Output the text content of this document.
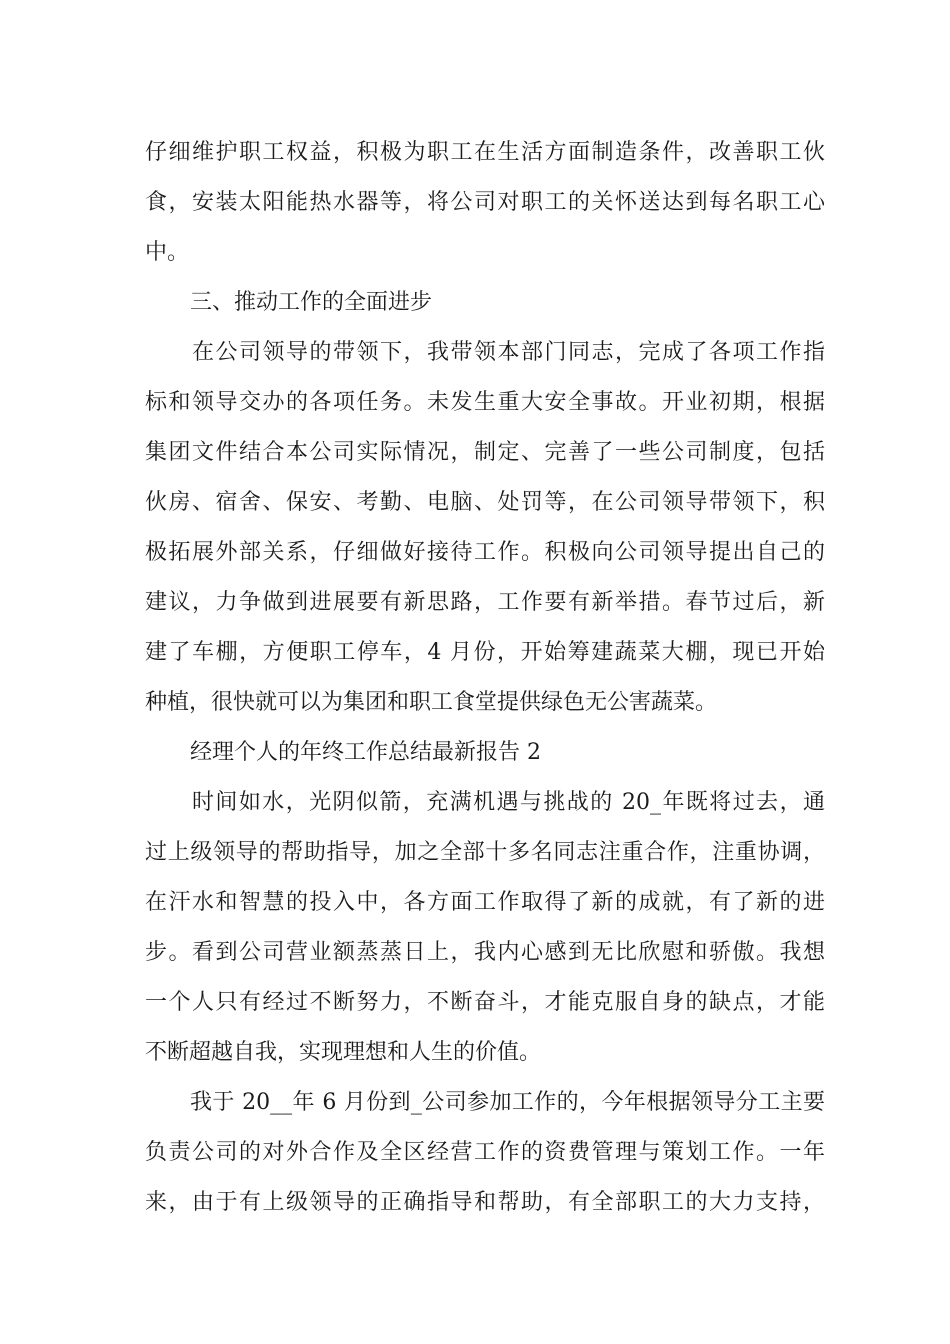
仔细维护职工权益，积极为职工在生活方面制造条件，改善职工伙

食，安装太阳能热水器等，将公司对职工的关怀送达到每名职工心

中。

三、推动工作的全面进步

在公司领导的带领下，我带领本部门同志，完成了各项工作指

标和领导交办的各项任务。未发生重大安全事故。开业初期，根据

集团文件结合本公司实际情况，制定、完善了一些公司制度，包括

伙房、宿舍、保安、考勤、电脑、处罚等，在公司领导带领下，积

极拓展外部关系，仔细做好接待工作。积极向公司领导提出自己的

建议，力争做到进展要有新思路，工作要有新举措。春节过后，新

建了车棚，方便职工停车，4 月份，开始筹建蔬菜大棚，现已开始

种植，很快就可以为集团和职工食堂提供绿色无公害蔬菜。

经理个人的年终工作总结最新报告 2

时间如水，光阴似箭，充满机遇与挑战的 20_年既将过去，通

过上级领导的帮助指导，加之全部十多名同志注重合作，注重协调，

在汗水和智慧的投入中，各方面工作取得了新的成就，有了新的进

步。看到公司营业额蒸蒸日上，我内心感到无比欣慰和骄傲。我想

一个人只有经过不断努力，不断奋斗，才能克服自身的缺点，才能

不断超越自我，实现理想和人生的价值。

我于 20__年 6 月份到_公司参加工作的，今年根据领导分工主要

负责公司的对外合作及全区经营工作的资费管理与策划工作。一年

来，由于有上级领导的正确指导和帮助，有全部职工的大力支持，
